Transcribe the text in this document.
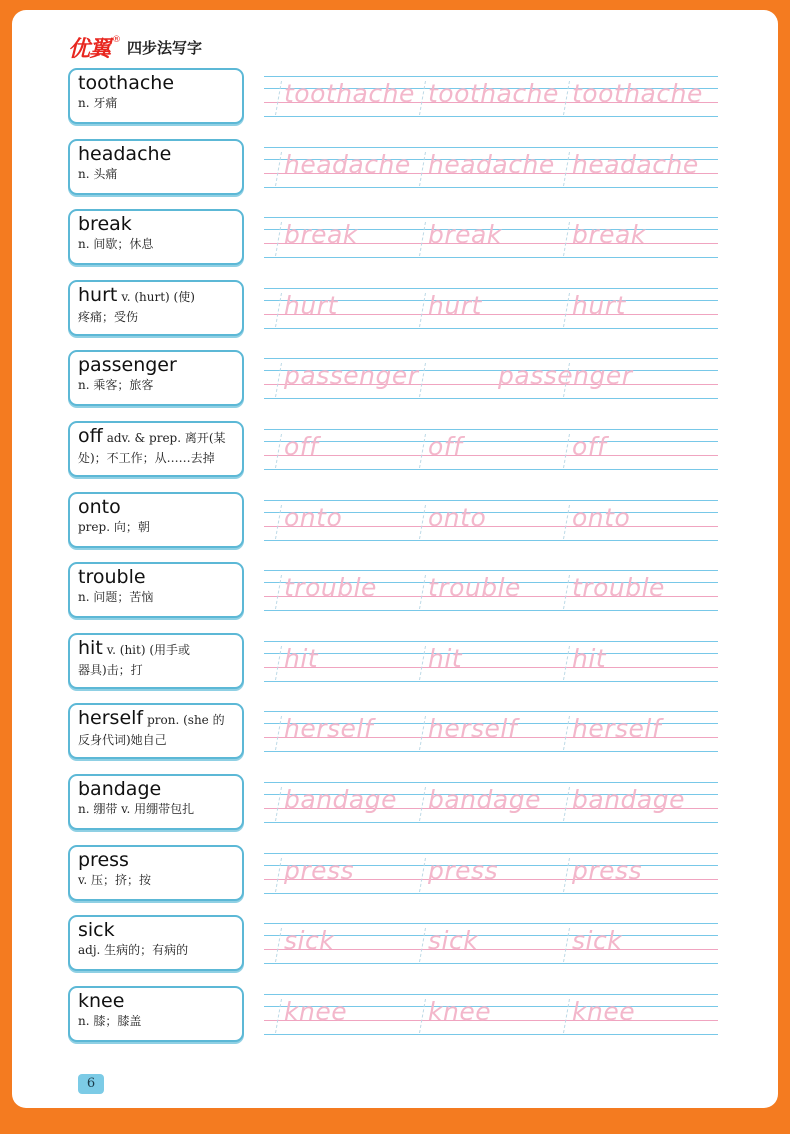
优翼 ® 四步法写字
toothache
n. 牙痛	toothache toothache toothache
headache
n. 头痛	headache headache headache
break
n. 间歇；休息	break	break	break
hurt v. (hurt) (使)
疼痛；受伤	hurt	hurt	hurt
passenger
n. 乘客；旅客	passenger	passenger
off adv. & prep. 离开(某
处)；不工作；从……去掉	off	off	off
onto
prep. 向；朝	onto	onto	onto
trouble
n. 问题；苦恼	trouble trouble trouble
hit v. (hit) (用手或
器具)击；打	hit	hit	hit
herself pron. (she 的
反身代词)她自己	herself herself herself
bandage
n. 绷带 v. 用绷带包扎	bandage bandage bandage
press
v. 压；挤；按	press	press	press
sick
adj. 生病的；有病的	sick	sick	sick
knee
n. 膝；膝盖	knee	knee	knee
6
